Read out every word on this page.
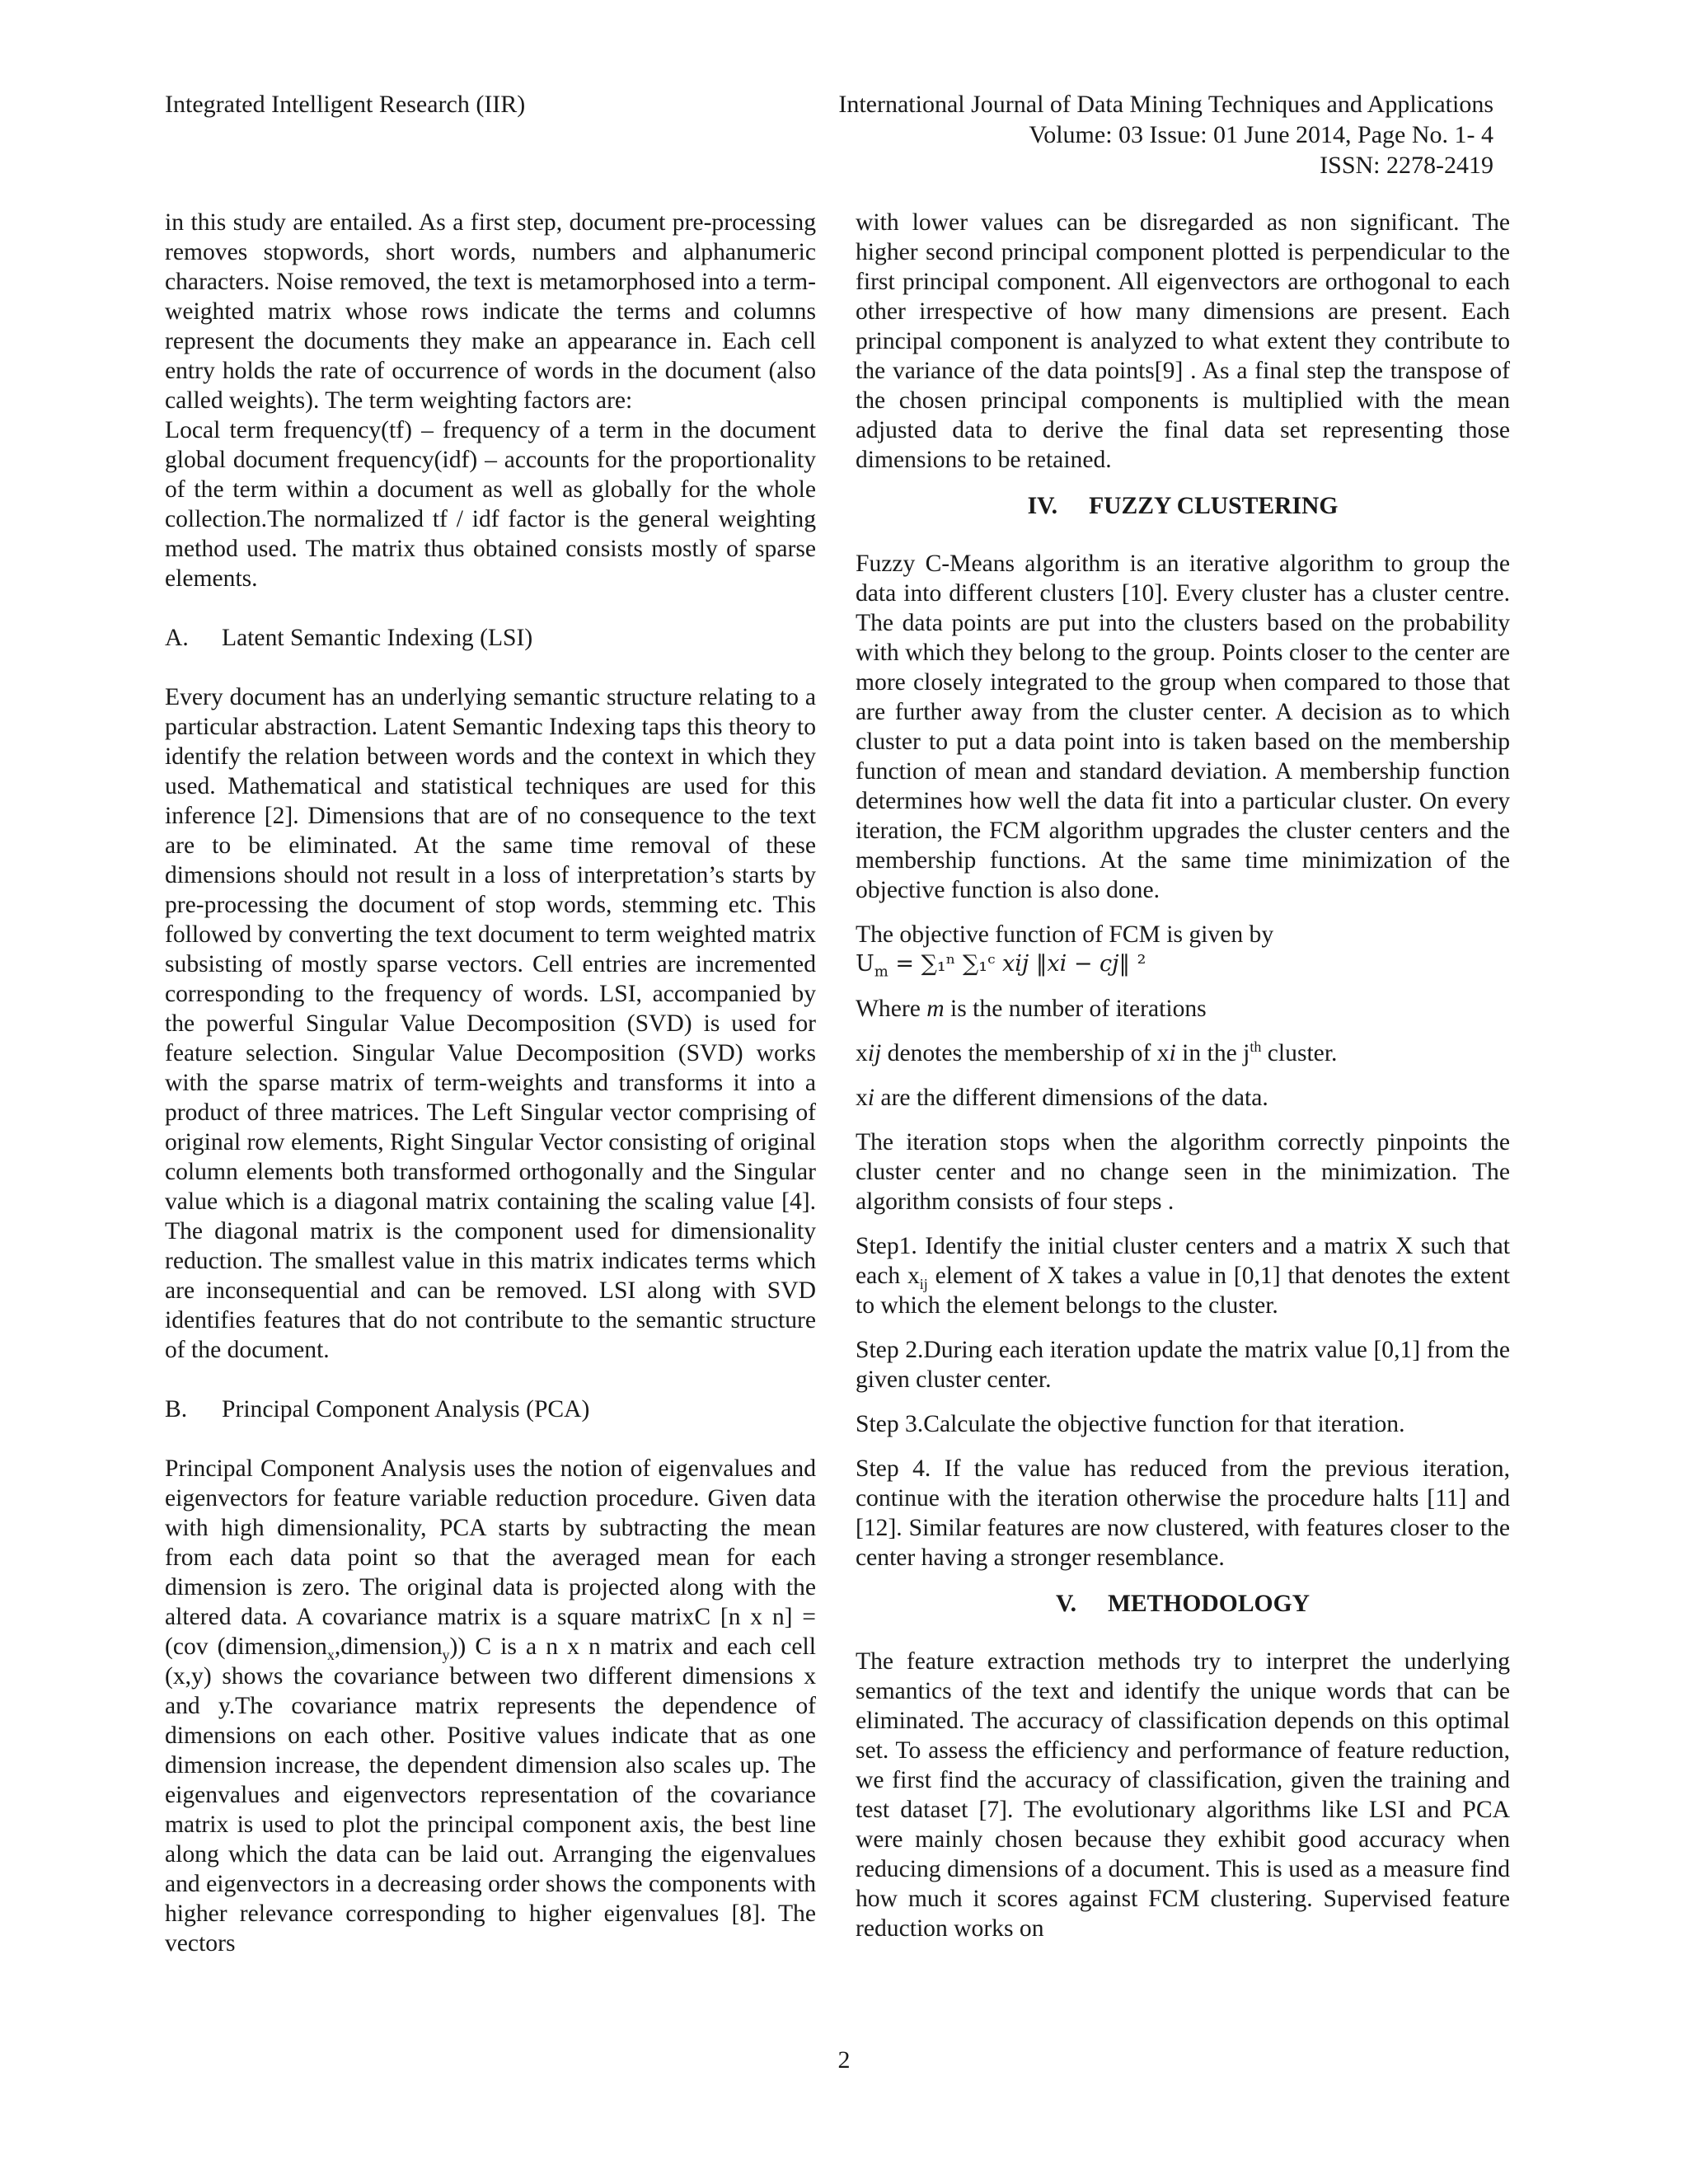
Integrated Intelligent Research (IIR)	International Journal of Data Mining Techniques and Applications
Volume: 03 Issue: 01 June 2014, Page No. 1- 4
ISSN: 2278-2419

in this study are entailed. As a first step, document pre-processing removes stopwords, short words, numbers and alphanumeric characters. Noise removed, the text is metamorphosed into a term-weighted matrix whose rows indicate the terms and columns represent the documents they make an appearance in. Each cell entry holds the rate of occurrence of words in the document (also called weights). The term weighting factors are:

Local term frequency(tf) – frequency of a term in the document global document frequency(idf) – accounts for the proportionality of the term within a document as well as globally for the whole collection.The normalized tf / idf factor is the general weighting method used. The matrix thus obtained consists mostly of sparse elements.

A. Latent Semantic Indexing (LSI)

Every document has an underlying semantic structure relating to a particular abstraction. Latent Semantic Indexing taps this theory to identify the relation between words and the context in which they used. Mathematical and statistical techniques are used for this inference [2]. Dimensions that are of no consequence to the text are to be eliminated. At the same time removal of these dimensions should not result in a loss of interpretation’s starts by pre-processing the document of stop words, stemming etc. This followed by converting the text document to term weighted matrix subsisting of mostly sparse vectors. Cell entries are incremented corresponding to the frequency of words. LSI, accompanied by the powerful Singular Value Decomposition (SVD) is used for feature selection. Singular Value Decomposition (SVD) works with the sparse matrix of term-weights and transforms it into a product of three matrices. The Left Singular vector comprising of original row elements, Right Singular Vector consisting of original column elements both transformed orthogonally and the Singular value which is a diagonal matrix containing the scaling value [4]. The diagonal matrix is the component used for dimensionality reduction. The smallest value in this matrix indicates terms which are inconsequential and can be removed. LSI along with SVD identifies features that do not contribute to the semantic structure of the document.

B. Principal Component Analysis (PCA)

Principal Component Analysis uses the notion of eigenvalues and eigenvectors for feature variable reduction procedure. Given data with high dimensionality, PCA starts by subtracting the mean from each data point so that the averaged mean for each dimension is zero. The original data is projected along with the altered data. A covariance matrix is a square matrixC [n x n] = (cov (dimension$_x$,dimension$_y$)) C is a n x n matrix and each cell (x,y) shows the covariance between two different dimensions x and y.The covariance matrix represents the dependence of dimensions on each other. Positive values indicate that as one dimension increase, the dependent dimension also scales up. The eigenvalues and eigenvectors representation of the covariance matrix is used to plot the principal component axis, the best line along which the data can be laid out. Arranging the eigenvalues and eigenvectors in a decreasing order shows the components with higher relevance corresponding to higher eigenvalues [8]. The vectors

with lower values can be disregarded as non significant. The higher second principal component plotted is perpendicular to the first principal component. All eigenvectors are orthogonal to each other irrespective of how many dimensions are present. Each principal component is analyzed to what extent they contribute to the variance of the data points[9] . As a final step the transpose of the chosen principal components is multiplied with the mean adjusted data to derive the final data set representing those dimensions to be retained.

IV. FUZZY CLUSTERING

Fuzzy C-Means algorithm is an iterative algorithm to group the data into different clusters [10]. Every cluster has a cluster centre. The data points are put into the clusters based on the probability with which they belong to the group. Points closer to the center are more closely integrated to the group when compared to those that are further away from the cluster center. A decision as to which cluster to put a data point into is taken based on the membership function of mean and standard deviation. A membership function determines how well the data fit into a particular cluster. On every iteration, the FCM algorithm upgrades the cluster centers and the membership functions. At the same time minimization of the objective function is also done.

The objective function of FCM is given by

$U_m = \sum_1^n$ ∑₁ᶜ xij ‖xi − cj‖ ²

Where m is the number of iterations

xij denotes the membership of xi in the $j^{th}$ cluster.

xi are the different dimensions of the data.

The iteration stops when the algorithm correctly pinpoints the cluster center and no change seen in the minimization. The algorithm consists of four steps .

Step1. Identify the initial cluster centers and a matrix X such that each $x_{ij}$ element of X takes a value in [0,1] that denotes the extent to which the element belongs to the cluster.

Step 2.During each iteration update the matrix value [0,1] from the given cluster center.

Step 3.Calculate the objective function for that iteration.

Step 4. If the value has reduced from the previous iteration, continue with the iteration otherwise the procedure halts [11] and [12]. Similar features are now clustered, with features closer to the center having a stronger resemblance.

V. METHODOLOGY

The feature extraction methods try to interpret the underlying semantics of the text and identify the unique words that can be eliminated. The accuracy of classification depends on this optimal set. To assess the efficiency and performance of feature reduction, we first find the accuracy of classification, given the training and test dataset [7]. The evolutionary algorithms like LSI and PCA were mainly chosen because they exhibit good accuracy when reducing dimensions of a document. This is used as a measure find how much it scores against FCM clustering. Supervised feature reduction works on

2
